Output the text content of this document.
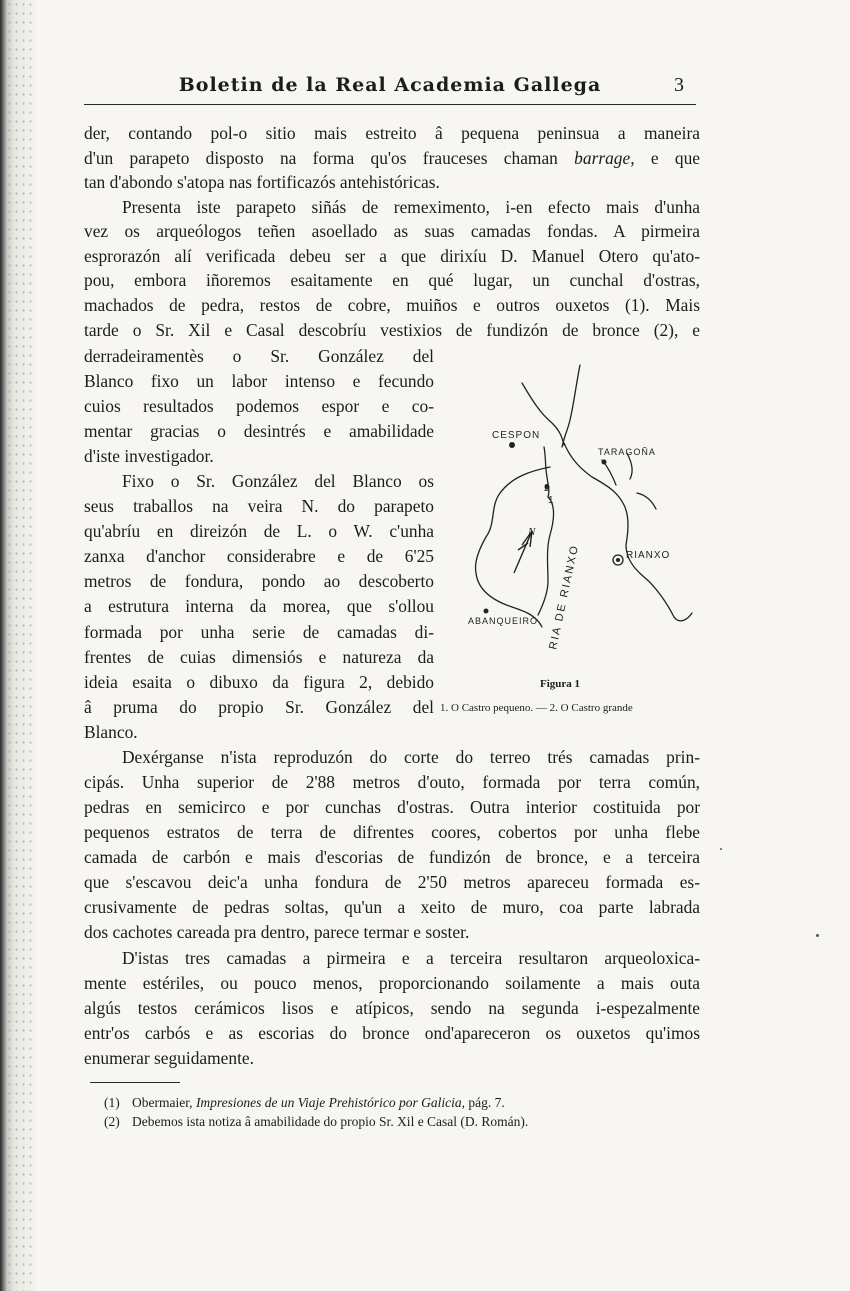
Boletin de la Real Academia Gallega	3
der, contando pol-o sitio mais estreito â pequena peninsua a maneira
d'un parapeto disposto na forma qu'os frauceses chaman barrage, e que
tan d'abondo s'atopa nas fortificazós antehistóricas.
Presenta iste parapeto siñás de remeximento, i-en efecto mais d'unha
vez os arqueólogos teñen asoellado as suas camadas fondas. A pirmeira
esprorazón alí verificada debeu ser a que dirixíu D. Manuel Otero qu'ato-
pou, embora iñoremos esaitamente en qué lugar, un cunchal d'ostras,
machados de pedra, restos de cobre, muiños e outros ouxetos (1). Mais
tarde o Sr. Xil e Casal descobríu vestixios de fundizón de bronce (2), e
derradeiramentès o Sr. González del
Blanco fixo un labor intenso e fecundo
cuios resultados podemos espor e co-
mentar gracias o desintrés e amabilidade
d'iste investigador.
Fixo o Sr. González del Blanco os
seus traballos na veira N. do parapeto
qu'abríu en direizón de L. o W. c'unha
zanxa d'anchor considerabre e de 6'25
metros de fondura, pondo ao descoberto
a estrutura interna da morea, que s'ollou
formada por unha serie de camadas di-
frentes de cuias dimensiós e natureza da
ideia esaita o dibuxo da figura 2, debido
â pruma do propio Sr. González del
Blanco.
N
CESPON
TARAGOÑA
RIANXO
ABANQUEIRO
1
2
RIA DE RIANXO
Figura 1
1. O Castro pequeno. — 2. O Castro grande
Dexérganse n'ista reproduzón do corte do terreo trés camadas prin-
cipás. Unha superior de 2'88 metros d'outo, formada por terra común,
pedras en semicirco e por cunchas d'ostras. Outra interior costituida por
pequenos estratos de terra de difrentes coores, cobertos por unha flebe
camada de carbón e mais d'escorias de fundizón de bronce, e a terceira
que s'escavou deic'a unha fondura de 2'50 metros apareceu formada es-
crusivamente de pedras soltas, qu'un a xeito de muro, coa parte labrada
dos cachotes careada pra dentro, parece termar e soster.
D'istas tres camadas a pirmeira e a terceira resultaron arqueoloxica-
mente estériles, ou pouco menos, proporcionando soilamente a mais outa
algús testos cerámicos lisos e atípicos, sendo na segunda i-espezalmente
entr'os carbós e as escorias do bronce ond'apareceron os ouxetos qu'imos
enumerar seguidamente.
(1) Obermaier, Impresiones de un Viaje Prehistórico por Galicia, pág. 7.
(2) Debemos ista notiza â amabilidade do propio Sr. Xil e Casal (D. Román).
